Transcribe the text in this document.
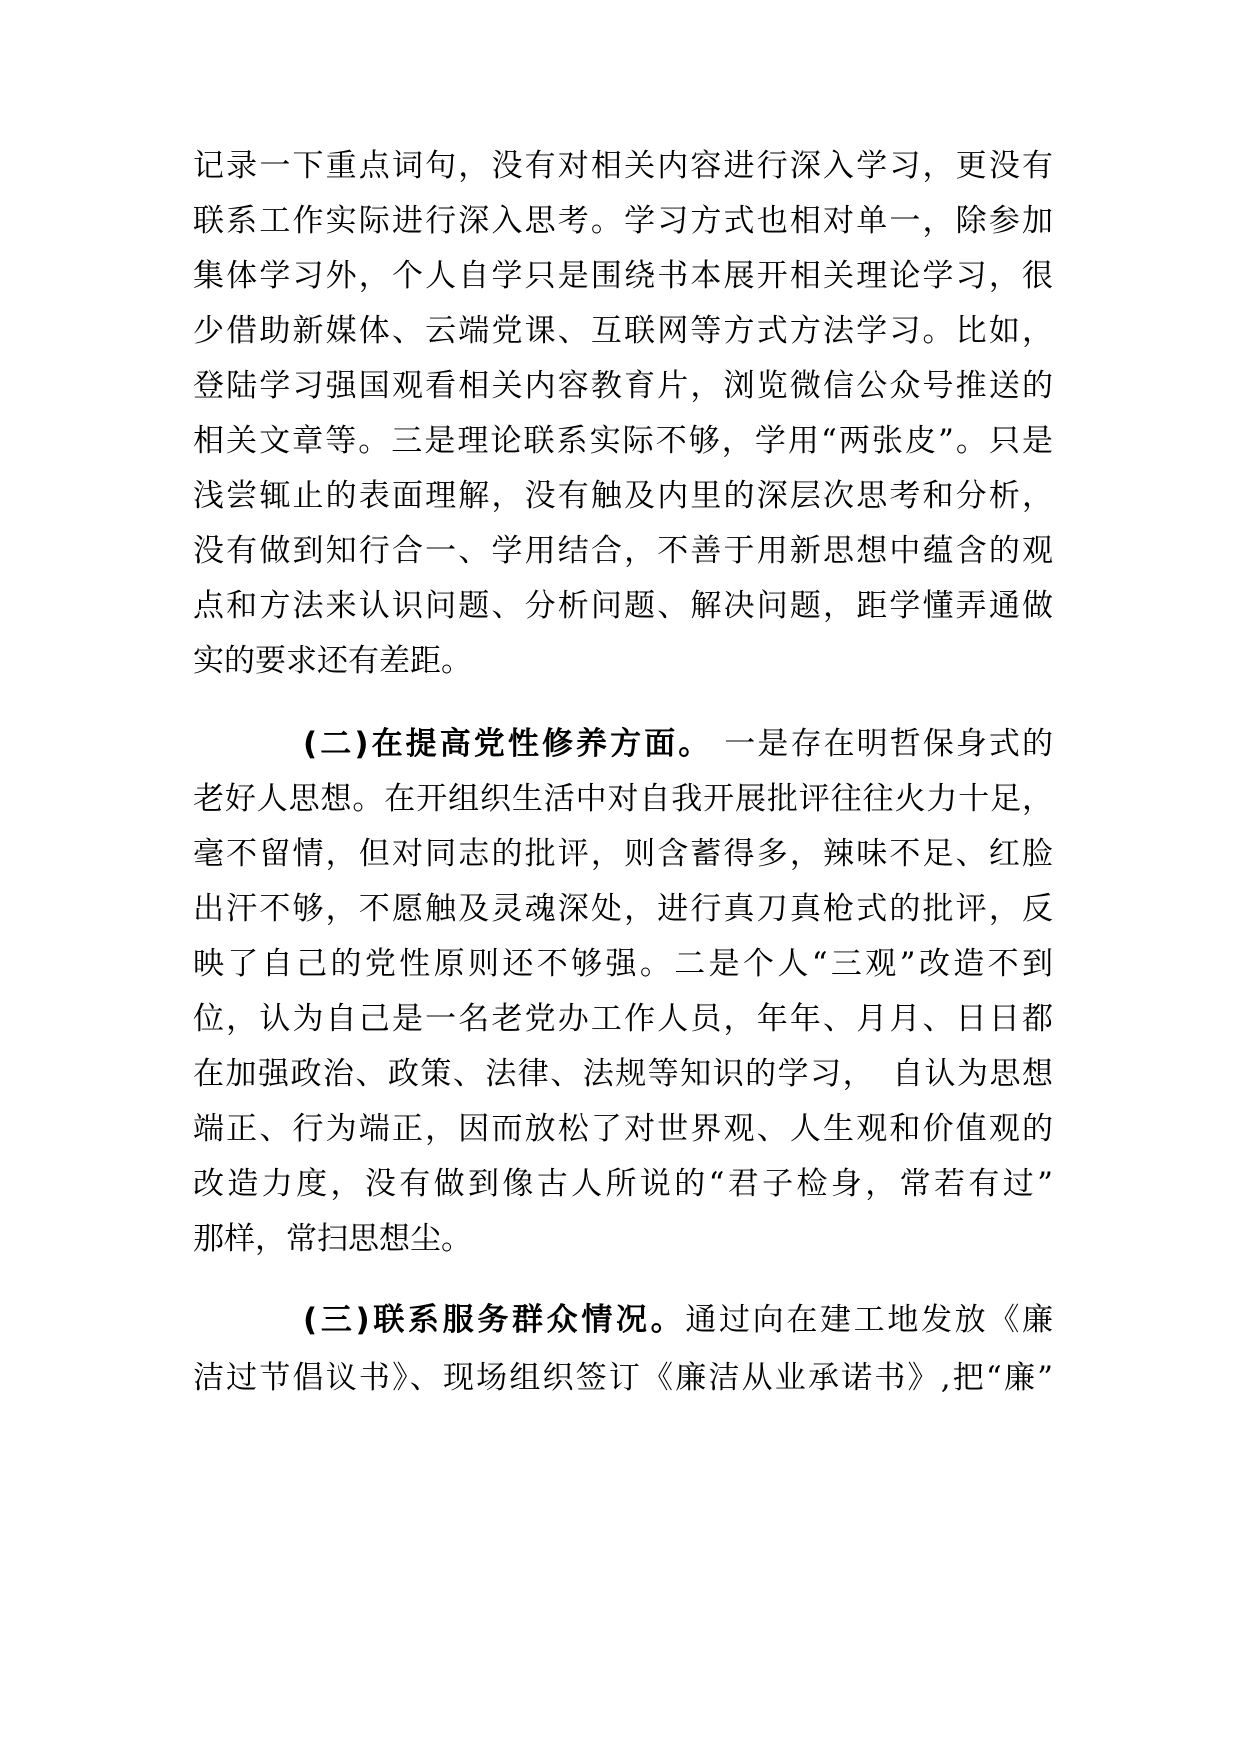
记录一下重点词句，没有对相关内容进行深入学习，更没有
联系工作实际进行深入思考。学习方式也相对单一，除参加
集体学习外，个人自学只是围绕书本展开相关理论学习，很
少借助新媒体、云端党课、互联网等方式方法学习。比如，
登陆学习强国观看相关内容教育片，浏览微信公众号推送的
相关文章等。三是理论联系实际不够，学用“两张皮”。只是
浅尝辄止的表面理解，没有触及内里的深层次思考和分析，
没有做到知行合一、学用结合，不善于用新思想中蕴含的观
点和方法来认识问题、分析问题、解决问题，距学懂弄通做
实的要求还有差距。
(二)在提高党性修养方面。 一是存在明哲保身式的
老好人思想。在开组织生活中对自我开展批评往往火力十足，
毫不留情，但对同志的批评，则含蓄得多，辣味不足、红脸
出汗不够，不愿触及灵魂深处，进行真刀真枪式的批评，反
映了自己的党性原则还不够强。二是个人“三观”改造不到
位，认为自己是一名老党办工作人员，年年、月月、日日都
在加强政治、政策、法律、法规等知识的学习，　自认为思想
端正、行为端正，因而放松了对世界观、人生观和价值观的
改造力度，没有做到像古人所说的“君子检身，常若有过”
那样，常扫思想尘。
(三)联系服务群众情况。通过向在建工地发放《廉
洁过节倡议书》、现场组织签订《廉洁从业承诺书》,把“廉”
